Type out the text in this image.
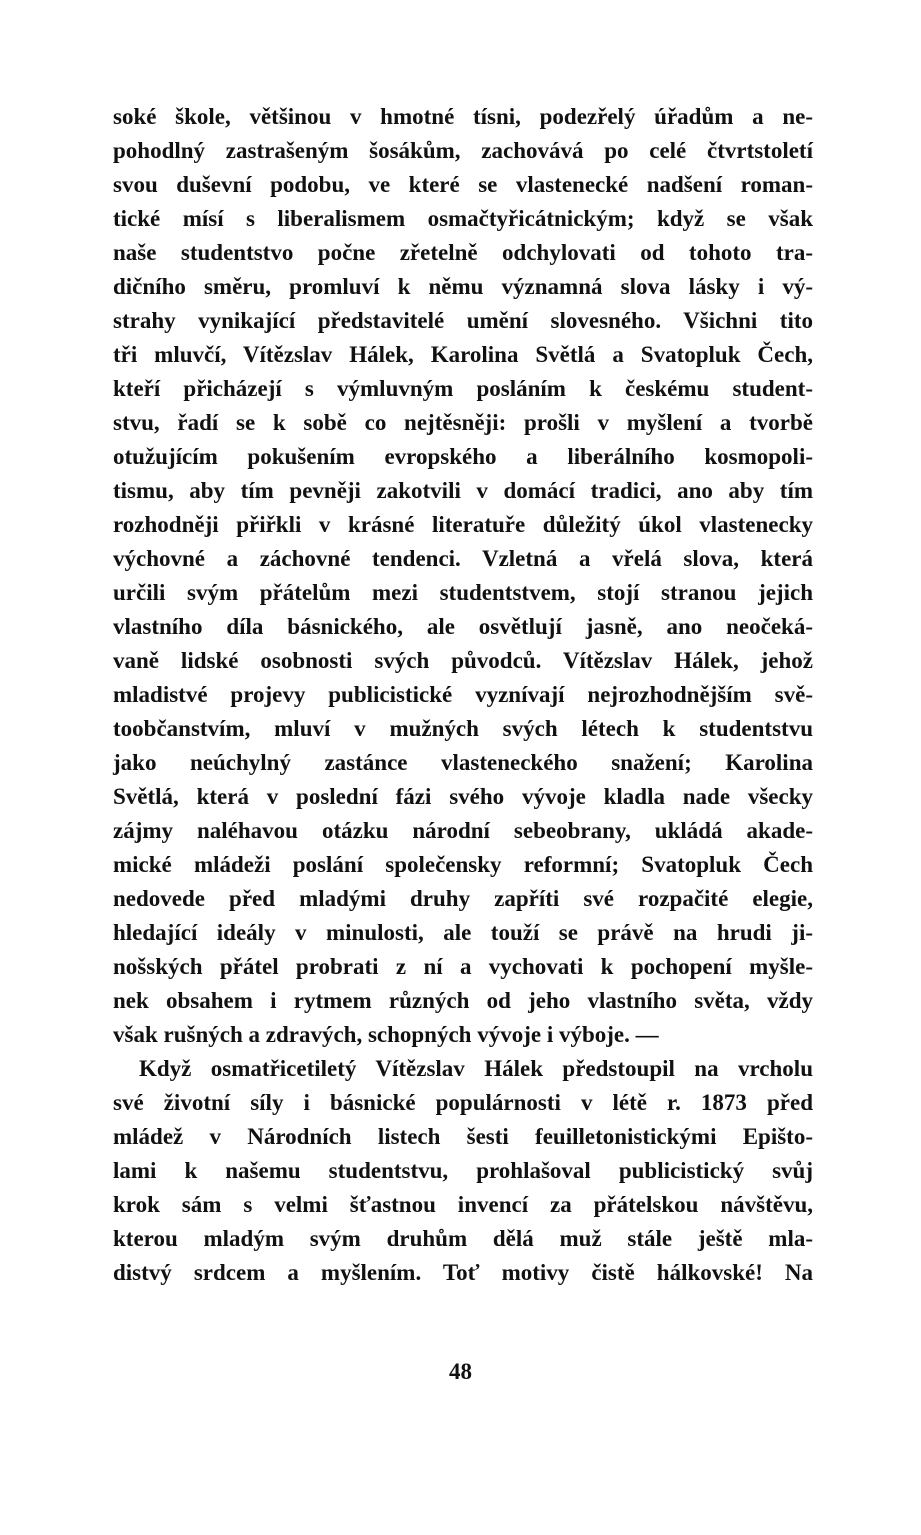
soké škole, většinou v hmotné tísni, podezřelý úřadům a ne-
pohodlný zastrašeným šosákům, zachovává po celé čtvrtstoletí
svou duševní podobu, ve které se vlastenecké nadšení roman-
tické mísí s liberalismem osmačtyřicátnickým; když se však
naše studentstvo počne zřetelně odchylovati od tohoto tra-
dičního směru, promluví k němu významná slova lásky i vý-
strahy vynikající představitelé umění slovesného. Všichni tito
tři mluvčí, Vítězslav Hálek, Karolina Světlá a Svatopluk Čech,
kteří přicházejí s výmluvným posláním k českému student-
stvu, řadí se k sobě co nejtěsněji: prošli v myšlení a tvorbě
otužujícím pokušením evropského a liberálního kosmopoli-
tismu, aby tím pevněji zakotvili v domácí tradici, ano aby tím
rozhodněji přiřkli v krásné literatuře důležitý úkol vlastenecky
výchovné a záchovné tendenci. Vzletná a vřelá slova, která
určili svým přátelům mezi studentstvem, stojí stranou jejich
vlastního díla básnického, ale osvětlují jasně, ano neočeká-
vaně lidské osobnosti svých původců. Vítězslav Hálek, jehož
mladistvé projevy publicistické vyznívají nejrozhodnějším svě-
toobčanstvím, mluví v mužných svých létech k studentstvu
jako neúchylný zastánce vlasteneckého snažení; Karolina
Světlá, která v poslední fázi svého vývoje kladla nade všecky
zájmy naléhavou otázku národní sebeobrany, ukládá akade-
mické mládeži poslání společensky reformní; Svatopluk Čech
nedovede před mladými druhy zapříti své rozpačité elegie,
hledající ideály v minulosti, ale touží se právě na hrudi ji-
nošských přátel probrati z ní a vychovati k pochopení myšle-
nek obsahem i rytmem různých od jeho vlastního světa, vždy
však rušných a zdravých, schopných vývoje i výboje. —
Když osmatřicetiletý Vítězslav Hálek předstoupil na vrcholu
své životní síly i básnické populárnosti v létě r. 1873 před
mládež v Národních listech šesti feuilletonistickými Epišto-
lami k našemu studentstvu, prohlašoval publicistický svůj
krok sám s velmi šťastnou invencí za přátelskou návštěvu,
kterou mladým svým druhům dělá muž stále ještě mla-
distvý srdcem a myšlením. Toť motivy čistě hálkovské! Na
48
